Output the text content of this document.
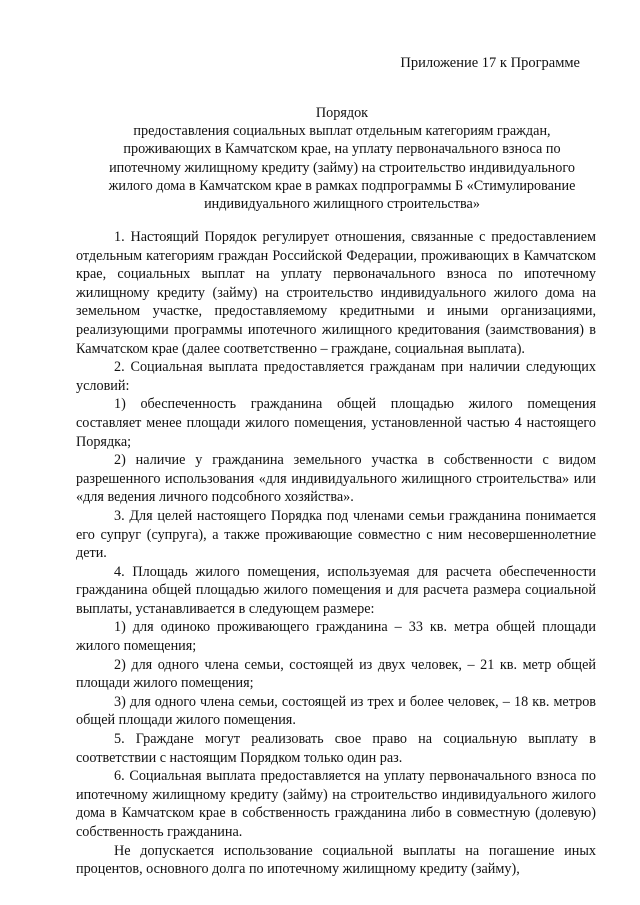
Приложение 17 к Программе
Порядок
предоставления социальных выплат отдельным категориям граждан,
проживающих в Камчатском крае, на уплату первоначального взноса по
ипотечному жилищному кредиту (займу) на строительство индивидуального
жилого дома в Камчатском крае в рамках подпрограммы Б «Стимулирование
индивидуального жилищного строительства»

1. Настоящий Порядок регулирует отношения, связанные с предоставлением отдельным категориям граждан Российской Федерации, проживающих в Камчатском крае, социальных выплат на уплату первоначального взноса по ипотечному жилищному кредиту (займу) на строительство индивидуального жилого дома на земельном участке, предоставляемому кредитными и иными организациями, реализующими программы ипотечного жилищного кредитования (заимствования) в Камчатском крае (далее соответственно – граждане, социальная выплата).

2. Социальная выплата предоставляется гражданам при наличии следующих условий:

1) обеспеченность гражданина общей площадью жилого помещения составляет менее площади жилого помещения, установленной частью 4 настоящего Порядка;

2) наличие у гражданина земельного участка в собственности с видом разрешенного использования «для индивидуального жилищного строительства» или «для ведения личного подсобного хозяйства».

3. Для целей настоящего Порядка под членами семьи гражданина понимается его супруг (супруга), а также проживающие совместно с ним несовершеннолетние дети.

4. Площадь жилого помещения, используемая для расчета обеспеченности гражданина общей площадью жилого помещения и для расчета размера социальной выплаты, устанавливается в следующем размере:

1) для одиноко проживающего гражданина – 33 кв. метра общей площади жилого помещения;

2) для одного члена семьи, состоящей из двух человек, – 21 кв. метр общей площади жилого помещения;

3) для одного члена семьи, состоящей из трех и более человек, – 18 кв. метров общей площади жилого помещения.

5. Граждане могут реализовать свое право на социальную выплату в соответствии с настоящим Порядком только один раз.

6. Социальная выплата предоставляется на уплату первоначального взноса по ипотечному жилищному кредиту (займу) на строительство индивидуального жилого дома в Камчатском крае в собственность гражданина либо в совместную (долевую) собственность гражданина.

Не допускается использование социальной выплаты на погашение иных процентов, основного долга по ипотечному жилищному кредиту (займу),
